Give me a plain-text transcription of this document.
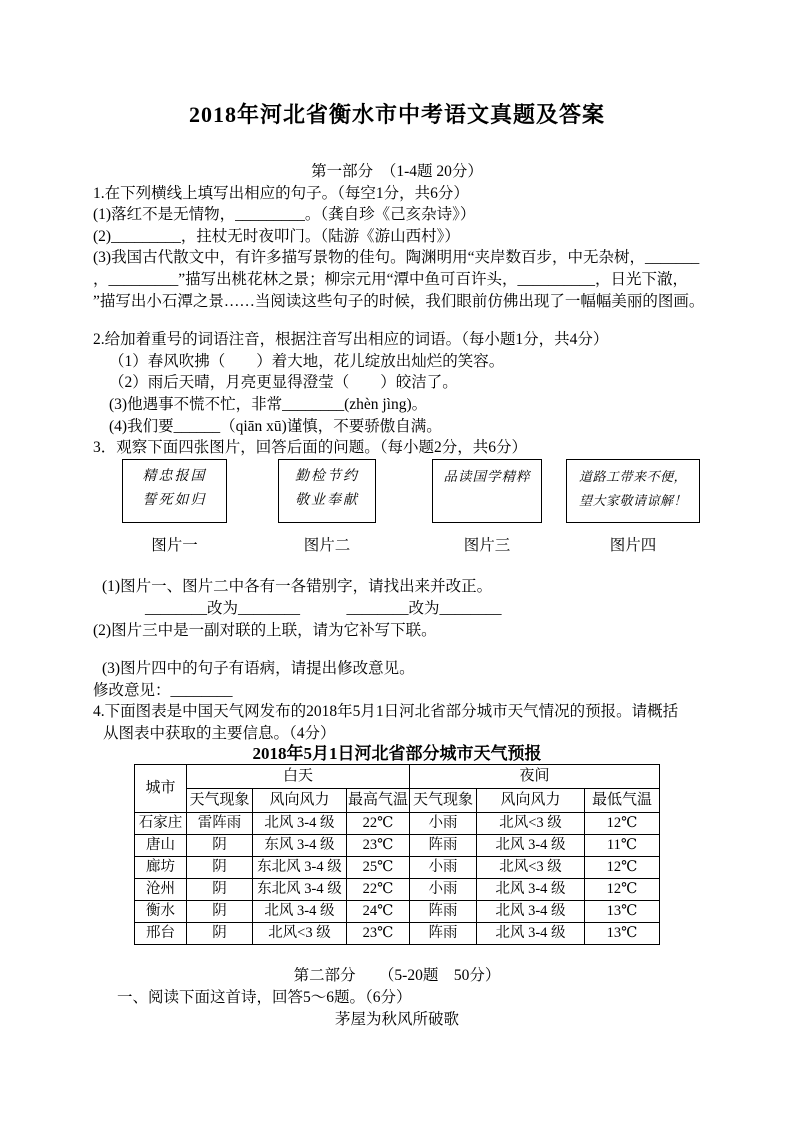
2018年河北省衡水市中考语文真题及答案
第一部分　（1-4题 20分）
1.在下列横线上填写出相应的句子。（每空1分，共6分）
(1)落红不是无情物，_________。（龚自珍《己亥杂诗》）
(2)_________，拄杖无时夜叩门。（陆游《游山西村》）
(3)我国古代散文中，有许多描写景物的佳句。陶渊明用“夹岸数百步，中无杂树，_______
，_________”描写出桃花林之景；柳宗元用“潭中鱼可百许头，__________，日光下澈，
”描写出小石潭之景……当阅读这些句子的时候，我们眼前仿佛出现了一幅幅美丽的图画。
2.给加着重号的词语注音，根据注音写出相应的词语。（每小题1分，共4分）
（1）春风吹拂（　　）着大地，花儿绽放出灿烂的笑容。
（2）雨后天晴，月亮更显得澄莹（　　）皎洁了。
(3)他遇事不慌不忙，非常________(zhèn jìng)。
(4)我们要______（qiān xū)谨慎，不要骄傲自满。
3．观察下面四张图片，回答后面的问题。（每小题2分，共6分）
精忠报国
誓死如归
图片一
勤检节约
敬业奉献
图片二
品读国学精粹
图片三
道路工带来不便，
望大家敬请谅解！
图片四
(1)图片一、图片二中各有一各错别字，请找出来并改正。
________改为________　　　________改为________
(2)图片三中是一副对联的上联，请为它补写下联。
(3)图片四中的句子有语病，请提出修改意见。
修改意见：________
4.下面图表是中国天气网发布的2018年5月1日河北省部分城市天气情况的预报。请概括
从图表中获取的主要信息。（4分）
2018年5月1日河北省部分城市天气预报
城市	白天			夜间		
	天气现象	风向风力	最高气温	天气现象	风向风力	最低气温
石家庄	雷阵雨	北风 3-4 级	22℃	小雨	北风<3 级	12℃
唐山	阴	东风 3-4 级	23℃	阵雨	北风 3-4 级	11℃
廊坊	阴	东北风 3-4 级	25℃	小雨	北风<3 级	12℃
沧州	阴	东北风 3-4 级	22℃	小雨	北风 3-4 级	12℃
衡水	阴	北风 3-4 级	24℃	阵雨	北风 3-4 级	13℃
邢台	阴	北风<3 级	23℃	阵雨	北风 3-4 级	13℃
第二部分　　（5-20题　50分）
一、阅读下面这首诗，回答5～6题。（6分）
茅屋为秋风所破歌
